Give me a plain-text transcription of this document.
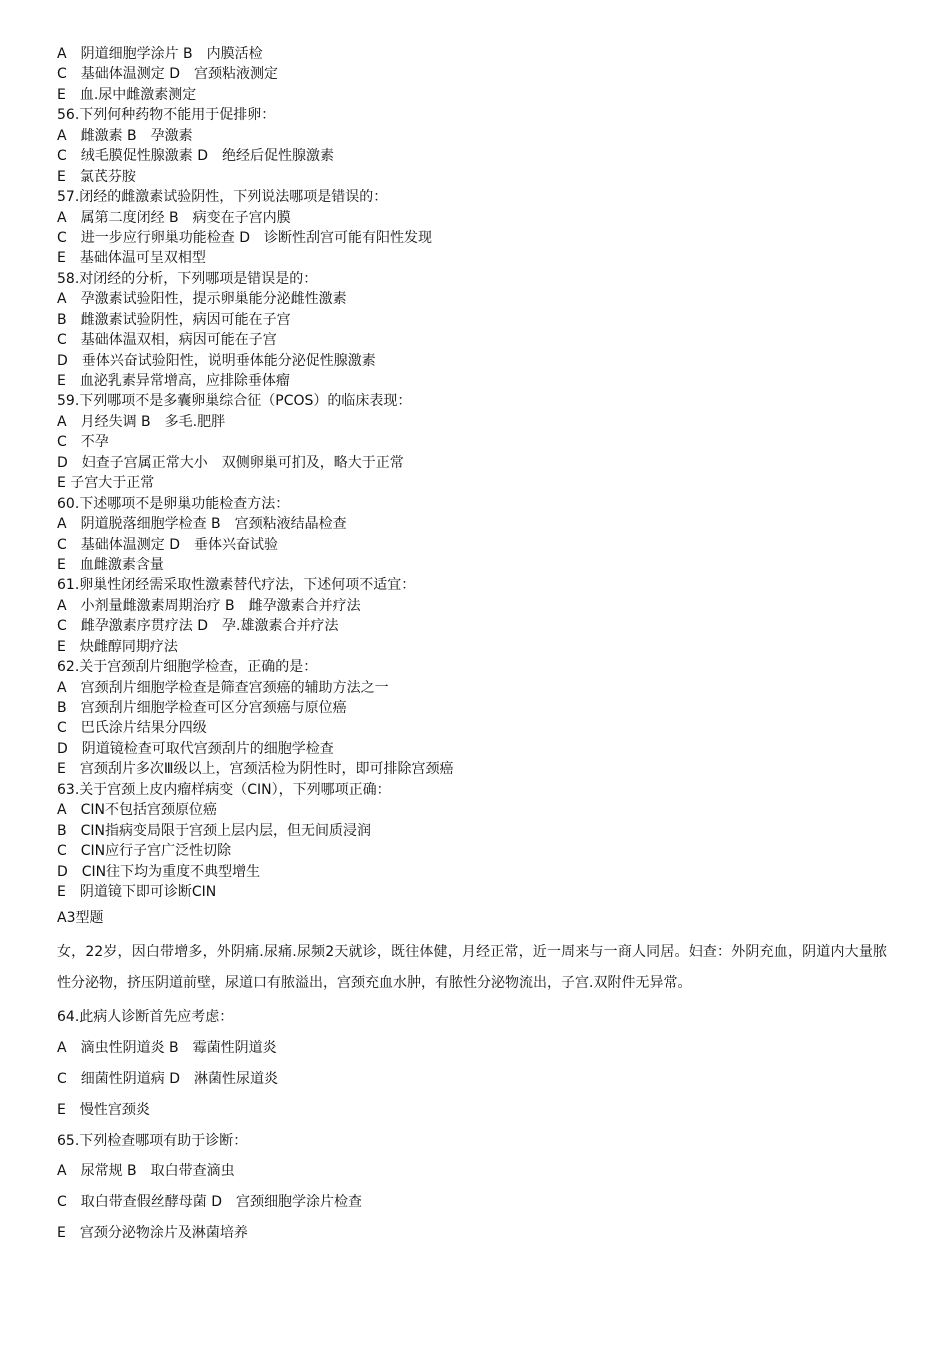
A　阴道细胞学涂片 B　内膜活检
C　基础体温测定 D　宫颈粘液测定
E　血.尿中雌激素测定
56.下列何种药物不能用于促排卵：
A　雌激素 B　孕激素
C　绒毛膜促性腺激素 D　绝经后促性腺激素
E　氯芪芬胺
57.闭经的雌激素试验阴性，下列说法哪项是错误的：
A　属第二度闭经 B　病变在子宫内膜
C　进一步应行卵巢功能检查 D　诊断性刮宫可能有阳性发现
E　基础体温可呈双相型
58.对闭经的分析，下列哪项是错误是的：
A　孕激素试验阳性，提示卵巢能分泌雌性激素
B　雌激素试验阴性，病因可能在子宫
C　基础体温双相，病因可能在子宫
D　垂体兴奋试验阳性，说明垂体能分泌促性腺激素
E　血泌乳素异常增高，应排除垂体瘤
59.下列哪项不是多囊卵巢综合征（PCOS）的临床表现：
A　月经失调 B　多毛.肥胖
C　不孕
D　妇查子宫属正常大小　双侧卵巢可扪及，略大于正常
E 子宫大于正常
60.下述哪项不是卵巢功能检查方法：
A　阴道脱落细胞学检查 B　宫颈粘液结晶检查
C　基础体温测定 D　垂体兴奋试验
E　血雌激素含量
61.卵巢性闭经需采取性激素替代疗法，下述何项不适宜：
A　小剂量雌激素周期治疗 B　雌孕激素合并疗法
C　雌孕激素序贯疗法 D　孕.雄激素合并疗法
E　炔雌醇同期疗法
62.关于宫颈刮片细胞学检查，正确的是：
A　宫颈刮片细胞学检查是筛查宫颈癌的辅助方法之一
B　宫颈刮片细胞学检查可区分宫颈癌与原位癌
C　巴氏涂片结果分四级
D　阴道镜检查可取代宫颈刮片的细胞学检查
E　宫颈刮片多次Ⅲ级以上，宫颈活检为阴性时，即可排除宫颈癌
63.关于宫颈上皮内瘤样病变（CIN），下列哪项正确：
A　CIN不包括宫颈原位癌
B　CIN指病变局限于宫颈上层内层，但无间质浸润
C　CIN应行子宫广泛性切除
D　CIN往下均为重度不典型增生
E　阴道镜下即可诊断CIN
A3型题
女，22岁，因白带增多，外阴痛.尿痛.尿频2天就诊，既往体健，月经正常，近一周来与一商人同居。妇查：外阴充血，阴道内大量脓性分泌物，挤压阴道前壁，尿道口有脓溢出，宫颈充血水肿，有脓性分泌物流出，子宫.双附件无异常。
64.此病人诊断首先应考虑：
A　滴虫性阴道炎 B　霉菌性阴道炎
C　细菌性阴道病 D　淋菌性尿道炎
E　慢性宫颈炎
65.下列检查哪项有助于诊断：
A　尿常规 B　取白带查滴虫
C　取白带查假丝酵母菌 D　宫颈细胞学涂片检查
E　宫颈分泌物涂片及淋菌培养
